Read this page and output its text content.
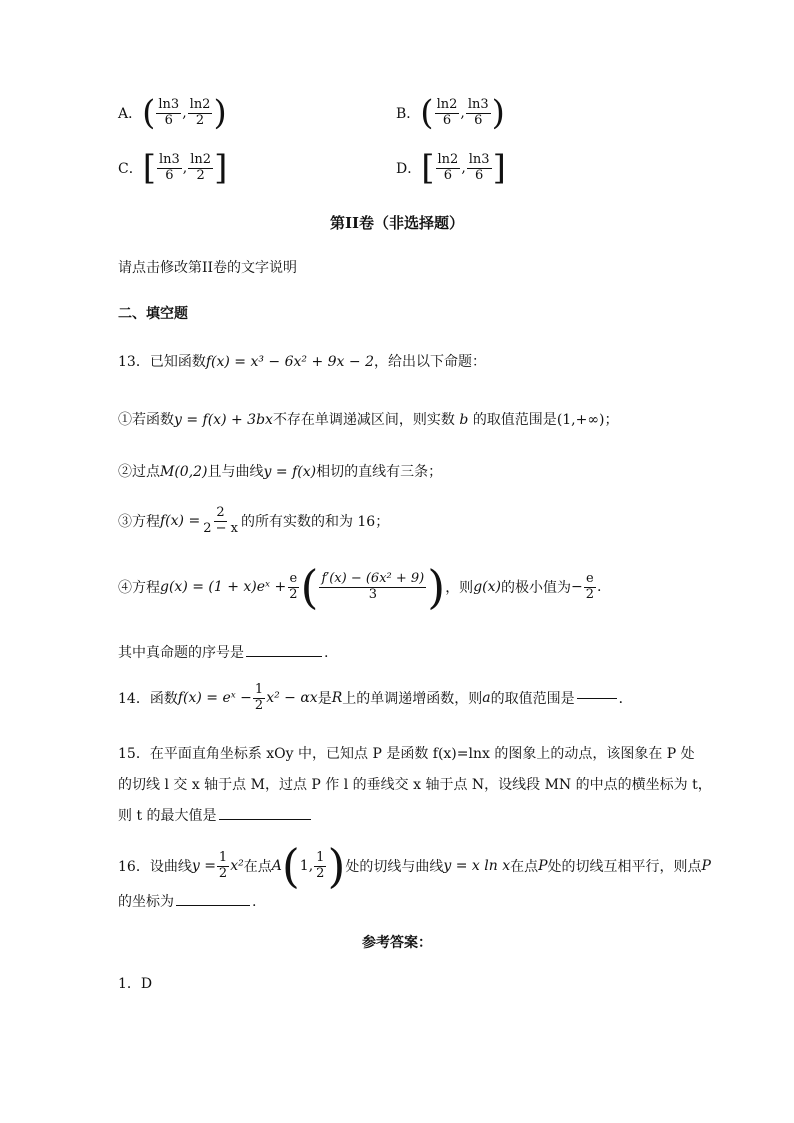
A． ( $\frac{\ln 3}{6}$ , $\frac{\ln 2}{2}$ )	B． ( $\frac{\ln 2}{6}$ , $\frac{\ln 3}{6}$ )
C． [ $\frac{\ln 3}{6}$ , $\frac{\ln 2}{2}$ ]	D． [ $\frac{\ln 2}{6}$ , $\frac{\ln 3}{6}$ ]
第II卷（非选择题）
请点击修改第II卷的文字说明
二、填空题
13．已知函数f(x) = x³ − 6x² + 9x − 2，给出以下命题：
①若函数y = f(x) + 3bx不存在单调递减区间，则实数 b 的取值范围是(1,+∞)；
②过点M(0,2)且与曲线y = f(x)相切的直线有三条；
③方程 $f(x) = \frac{2}{2 - x}$ 的所有实数的和为 16；
④方程 g(x) = (1 + x)eˣ + $\frac{e}{2}$ ( $\frac{\text{f′(x) − (6x² + 9)}}{3}$ ) ，则 g(x) 的极小值为 − $\frac{e}{2}$ .
其中真命题的序号是	.
14．函数 f(x) = eˣ − $\frac{1}{2} x^2 - \alpha x$ 是 R 上的单调递增函数，则 a 的取值范围是	．
15．在平面直角坐标系 xOy 中，已知点 P 是函数 f(x)=lnx 的图象上的动点，该图象在 P 处
的切线 l 交 x 轴于点 M，过点 P 作 l 的垂线交 x 轴于点 N，设线段 MN 的中点的横坐标为 t，
则 t 的最大值是
16．设曲线 $y = \frac{1}{2} x^2$ 在点 A ( 1, $\frac{1}{2}$ ) 处的切线与曲线 y = x ln x 在点 P 处的切线互相平行，则点 P
的坐标为	.
参考答案：
1．D
